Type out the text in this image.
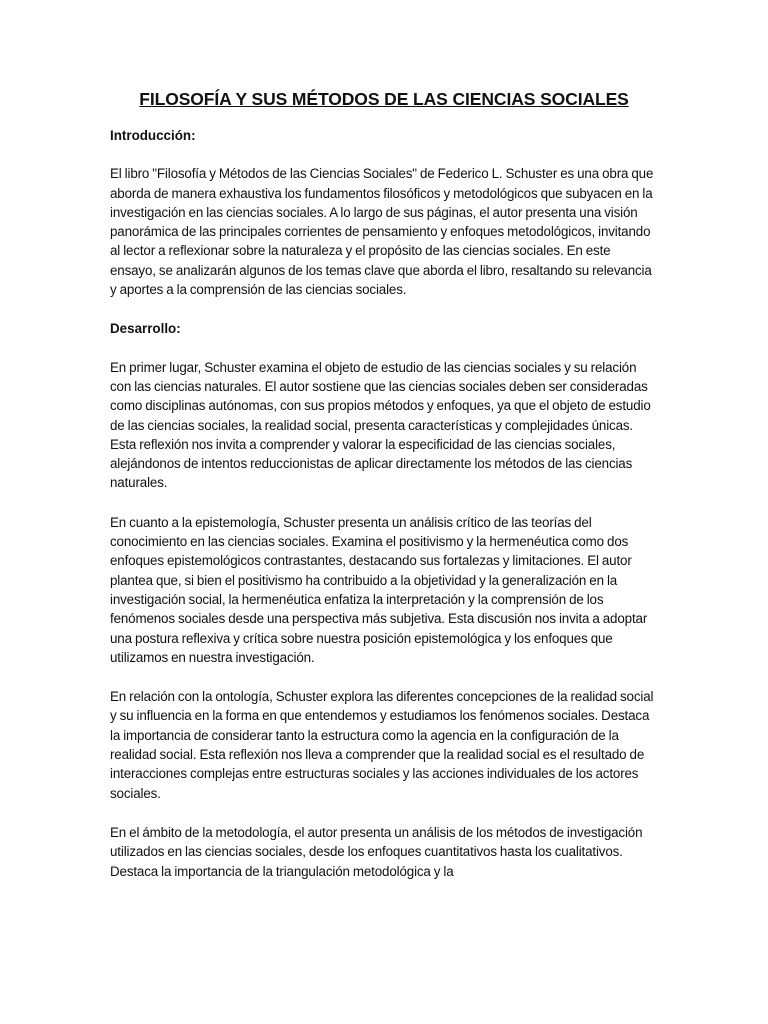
FILOSOFÍA Y SUS MÉTODOS DE LAS CIENCIAS SOCIALES
Introducción:

El libro "Filosofía y Métodos de las Ciencias Sociales" de Federico L. Schuster es una obra que aborda de manera exhaustiva los fundamentos filosóficos y metodológicos que subyacen en la investigación en las ciencias sociales. A lo largo de sus páginas, el autor presenta una visión panorámica de las principales corrientes de pensamiento y enfoques metodológicos, invitando al lector a reflexionar sobre la naturaleza y el propósito de las ciencias sociales. En este ensayo, se analizarán algunos de los temas clave que aborda el libro, resaltando su relevancia y aportes a la comprensión de las ciencias sociales.

Desarrollo:

En primer lugar, Schuster examina el objeto de estudio de las ciencias sociales y su relación con las ciencias naturales. El autor sostiene que las ciencias sociales deben ser consideradas como disciplinas autónomas, con sus propios métodos y enfoques, ya que el objeto de estudio de las ciencias sociales, la realidad social, presenta características y complejidades únicas. Esta reflexión nos invita a comprender y valorar la especificidad de las ciencias sociales, alejándonos de intentos reduccionistas de aplicar directamente los métodos de las ciencias naturales.

En cuanto a la epistemología, Schuster presenta un análisis crítico de las teorías del conocimiento en las ciencias sociales. Examina el positivismo y la hermenéutica como dos enfoques epistemológicos contrastantes, destacando sus fortalezas y limitaciones. El autor plantea que, si bien el positivismo ha contribuido a la objetividad y la generalización en la investigación social, la hermenéutica enfatiza la interpretación y la comprensión de los fenómenos sociales desde una perspectiva más subjetiva. Esta discusión nos invita a adoptar una postura reflexiva y crítica sobre nuestra posición epistemológica y los enfoques que utilizamos en nuestra investigación.

En relación con la ontología, Schuster explora las diferentes concepciones de la realidad social y su influencia en la forma en que entendemos y estudiamos los fenómenos sociales. Destaca la importancia de considerar tanto la estructura como la agencia en la configuración de la realidad social. Esta reflexión nos lleva a comprender que la realidad social es el resultado de interacciones complejas entre estructuras sociales y las acciones individuales de los actores sociales.

En el ámbito de la metodología, el autor presenta un análisis de los métodos de investigación utilizados en las ciencias sociales, desde los enfoques cuantitativos hasta los cualitativos. Destaca la importancia de la triangulación metodológica y la
